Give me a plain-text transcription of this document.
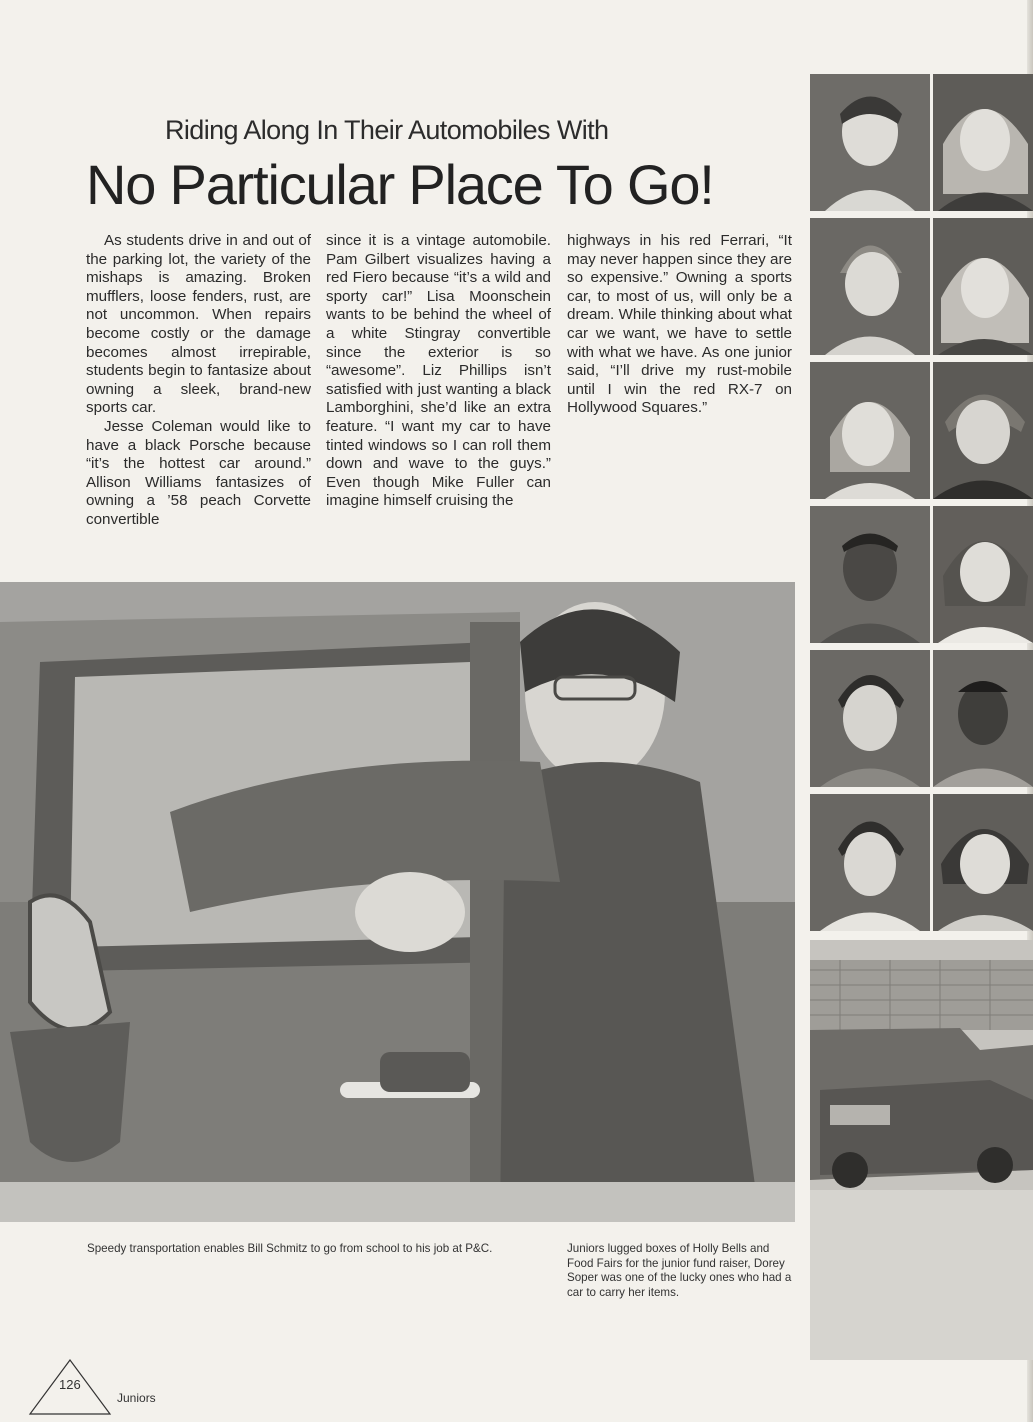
Riding Along In Their Automobiles With
No Particular Place To Go!

As students drive in and out of the parking lot, the variety of the mishaps is amazing. Broken mufflers, loose fenders, rust, are not uncommon. When repairs become costly or the damage becomes almost irrepirable, students begin to fantasize about owning a sleek, brand-new sports car.

Jesse Coleman would like to have a black Porsche because “it’s the hottest car around.” Allison Williams fantasizes of owning a ’58 peach Corvette convertible

since it is a vintage automobile. Pam Gilbert visualizes having a red Fiero because “it’s a wild and sporty car!” Lisa Moonschein wants to be behind the wheel of a white Stingray convertible since the exterior is so “awesome”. Liz Phillips isn’t satisfied with just wanting a black Lamborghini, she’d like an extra feature. “I want my car to have tinted windows so I can roll them down and wave to the guys.” Even though Mike Fuller can imagine himself cruising the

highways in his red Ferrari, “It may never happen since they are so expensive.” Owning a sports car, to most of us, will only be a dream. While thinking about what car we want, we have to settle with what we have. As one junior said, “I’ll drive my rust-mobile until I win the red RX-7 on Hollywood Squares.”

Speedy transportation enables Bill Schmitz to go from school to his job at P&C.	Juniors lugged boxes of Holly Bells and Food Fairs for the junior fund raiser, Dorey Soper was one of the lucky ones who had a car to carry her items.

126
Juniors
